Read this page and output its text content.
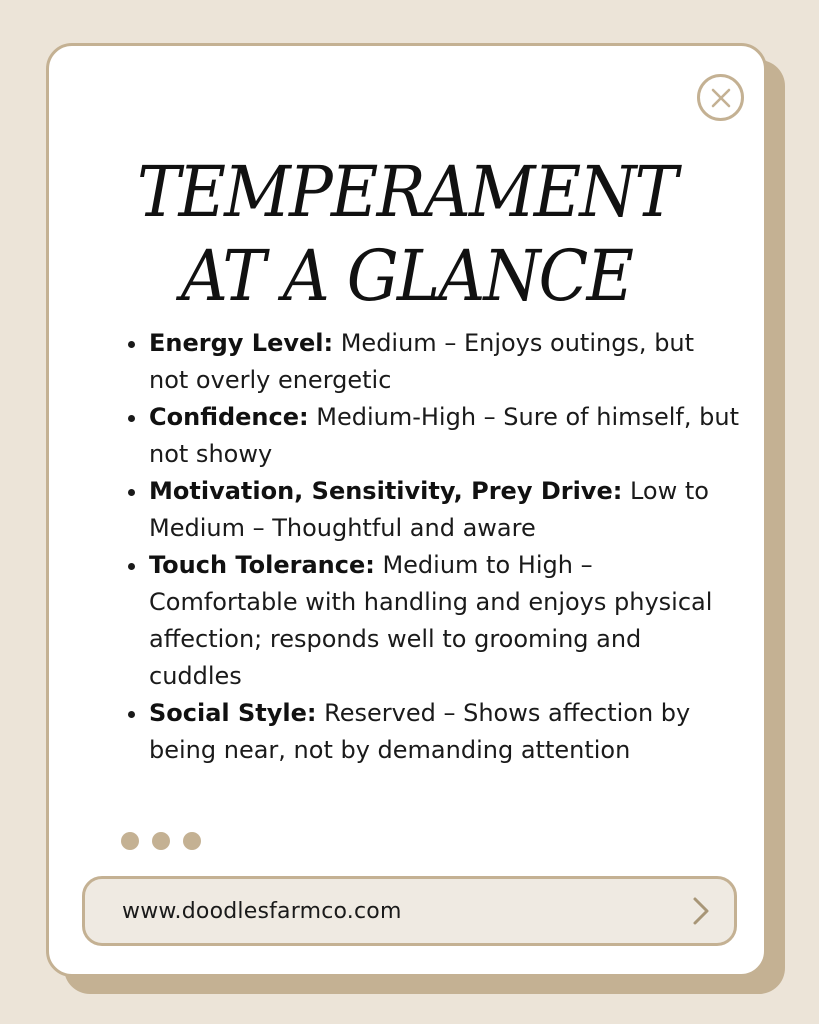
TEMPERAMENT
AT A GLANCE
• Energy Level: Medium – Enjoys outings, but not overly energetic
• Confidence: Medium-High – Sure of himself, but not showy
• Motivation, Sensitivity, Prey Drive: Low to Medium – Thoughtful and aware
• Touch Tolerance: Medium to High – Comfortable with handling and enjoys physical affection; responds well to grooming and cuddles
• Social Style: Reserved – Shows affection by being near, not by demanding attention
www.doodlesfarmco.com
